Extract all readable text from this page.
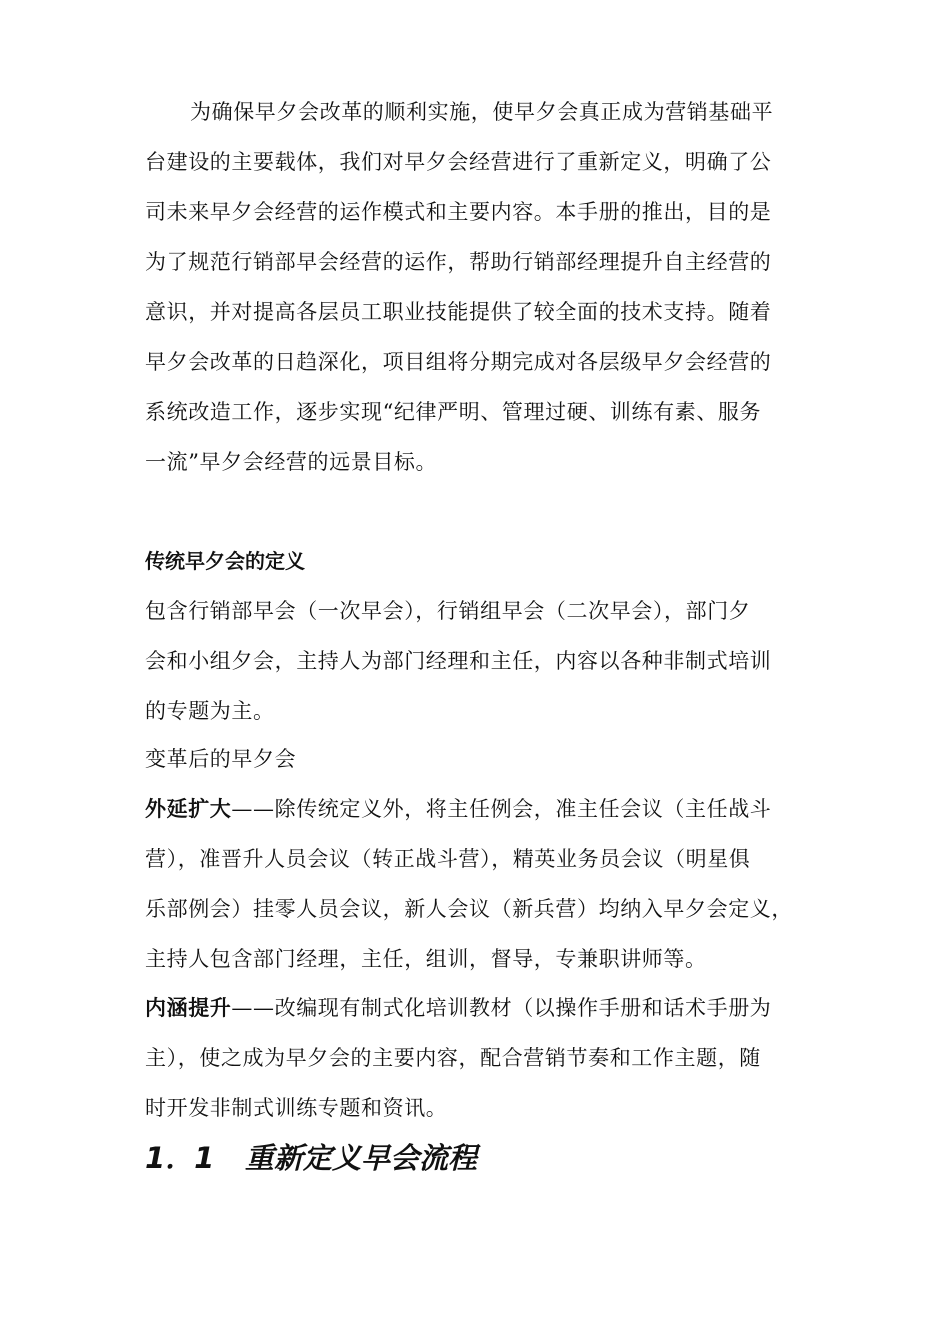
为确保早夕会改革的顺利实施，使早夕会真正成为营销基础平
台建设的主要载体，我们对早夕会经营进行了重新定义，明确了公
司未来早夕会经营的运作模式和主要内容。本手册的推出，目的是
为了规范行销部早会经营的运作，帮助行销部经理提升自主经营的
意识，并对提高各层员工职业技能提供了较全面的技术支持。随着
早夕会改革的日趋深化，项目组将分期完成对各层级早夕会经营的
系统改造工作，逐步实现“纪律严明、管理过硬、训练有素、服务
一流”早夕会经营的远景目标。
传统早夕会的定义
包含行销部早会（一次早会），行销组早会（二次早会），部门夕
会和小组夕会，主持人为部门经理和主任，内容以各种非制式培训
的专题为主。
变革后的早夕会
外延扩大——除传统定义外，将主任例会，准主任会议（主任战斗
营），准晋升人员会议（转正战斗营），精英业务员会议（明星俱
乐部例会）挂零人员会议，新人会议（新兵营）均纳入早夕会定义，
主持人包含部门经理，主任，组训，督导，专兼职讲师等。
内涵提升——改编现有制式化培训教材（以操作手册和话术手册为
主），使之成为早夕会的主要内容，配合营销节奏和工作主题，随
时开发非制式训练专题和资讯。
1．1 重新定义早会流程
